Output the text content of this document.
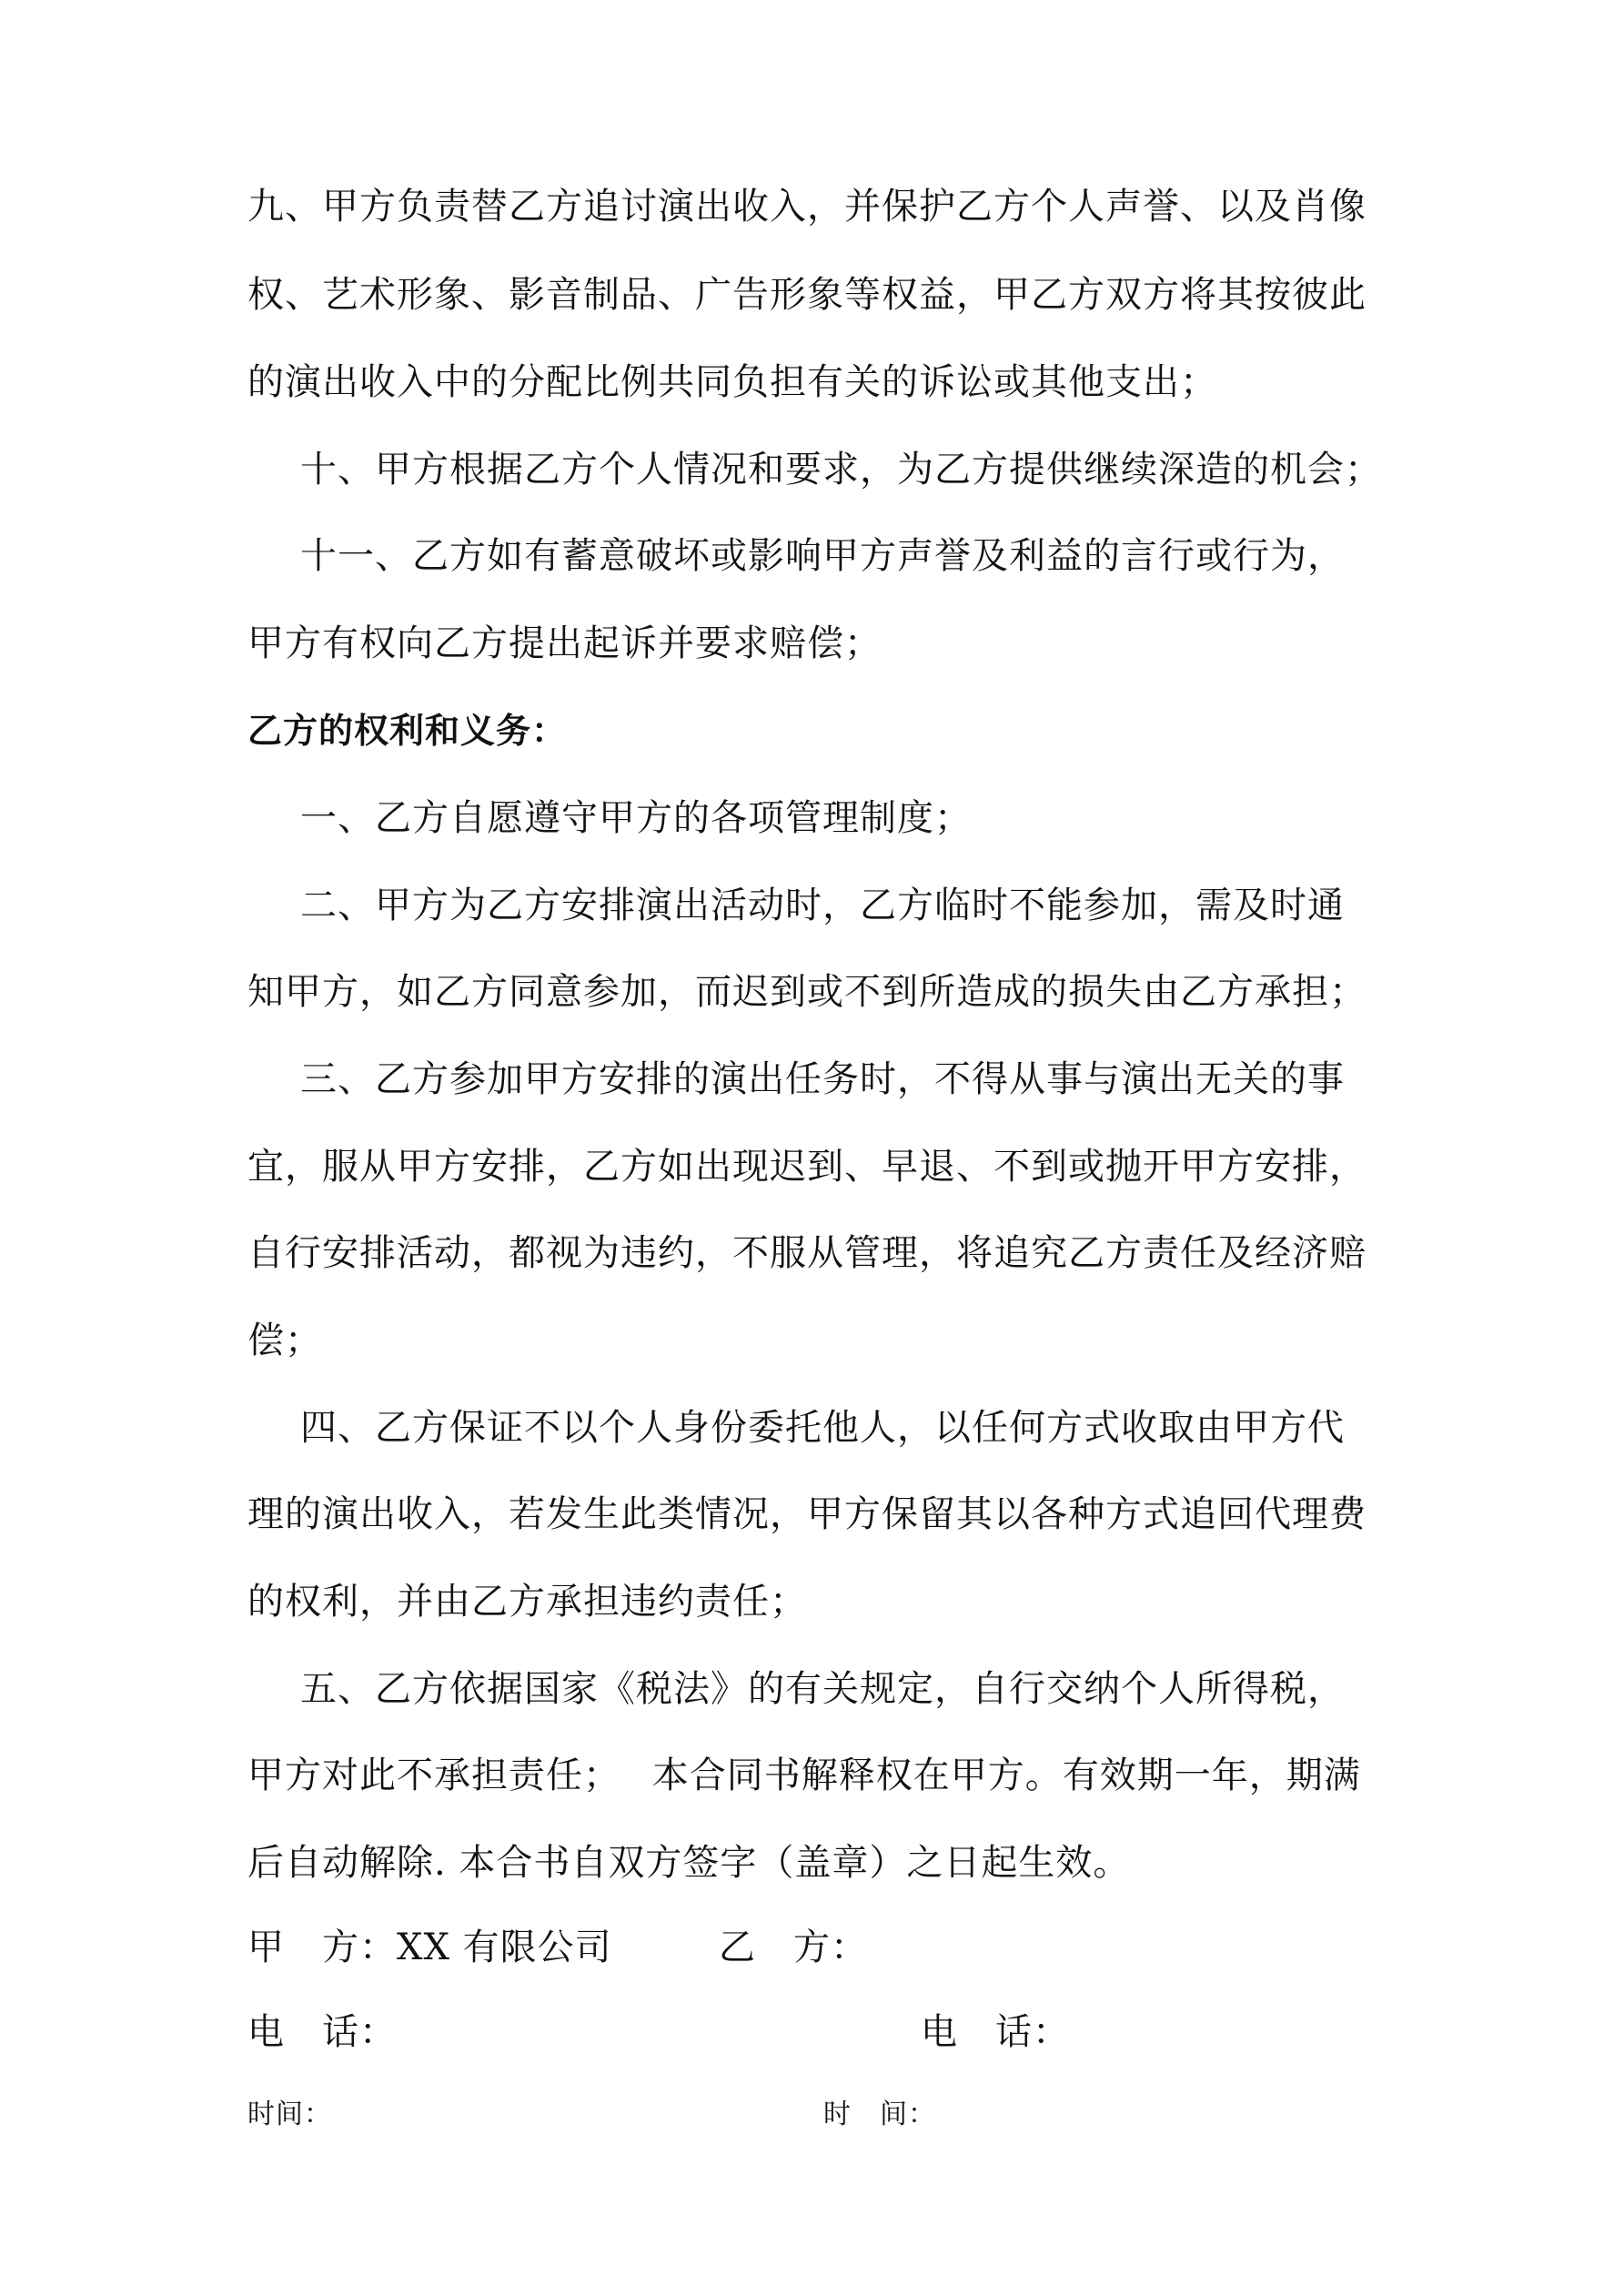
九、甲方负责替乙方追讨演出收入，并保护乙方个人声誉、以及肖像
权、艺术形象、影音制品、广告形象等权益，甲乙方双方将其按彼此
的演出收入中的分配比例共同负担有关的诉讼或其他支出；
十、甲方根据乙方个人情况和要求，为乙方提供继续深造的机会；
十一、乙方如有蓄意破坏或影响甲方声誉及利益的言行或行为，
甲方有权向乙方提出起诉并要求赔偿；
乙方的权利和义务：
一、乙方自愿遵守甲方的各项管理制度；
二、甲方为乙方安排演出活动时，乙方临时不能参加，需及时通
知甲方，如乙方同意参加，而迟到或不到所造成的损失由乙方承担；
三、乙方参加甲方安排的演出任务时，不得从事与演出无关的事
宜，服从甲方安排，乙方如出现迟到、早退、不到或抛开甲方安排，
自行安排活动，都视为违约，不服从管理，将追究乙方责任及经济赔
偿；
四、乙方保证不以个人身份委托他人，以任何方式收取由甲方代
理的演出收入，若发生此类情况，甲方保留其以各种方式追回代理费
的权利，并由乙方承担违约责任；
五、乙方依据国家《税法》的有关规定，自行交纳个人所得税，
甲方对此不承担责任；　 本合同书解释权在甲方。有效期一年，期满
后自动解除. 本合书自双方签字（盖章）之日起生效。
甲　方：XX 有限公司	乙　方：
电　话：	电　话：
时间：	时　间：
